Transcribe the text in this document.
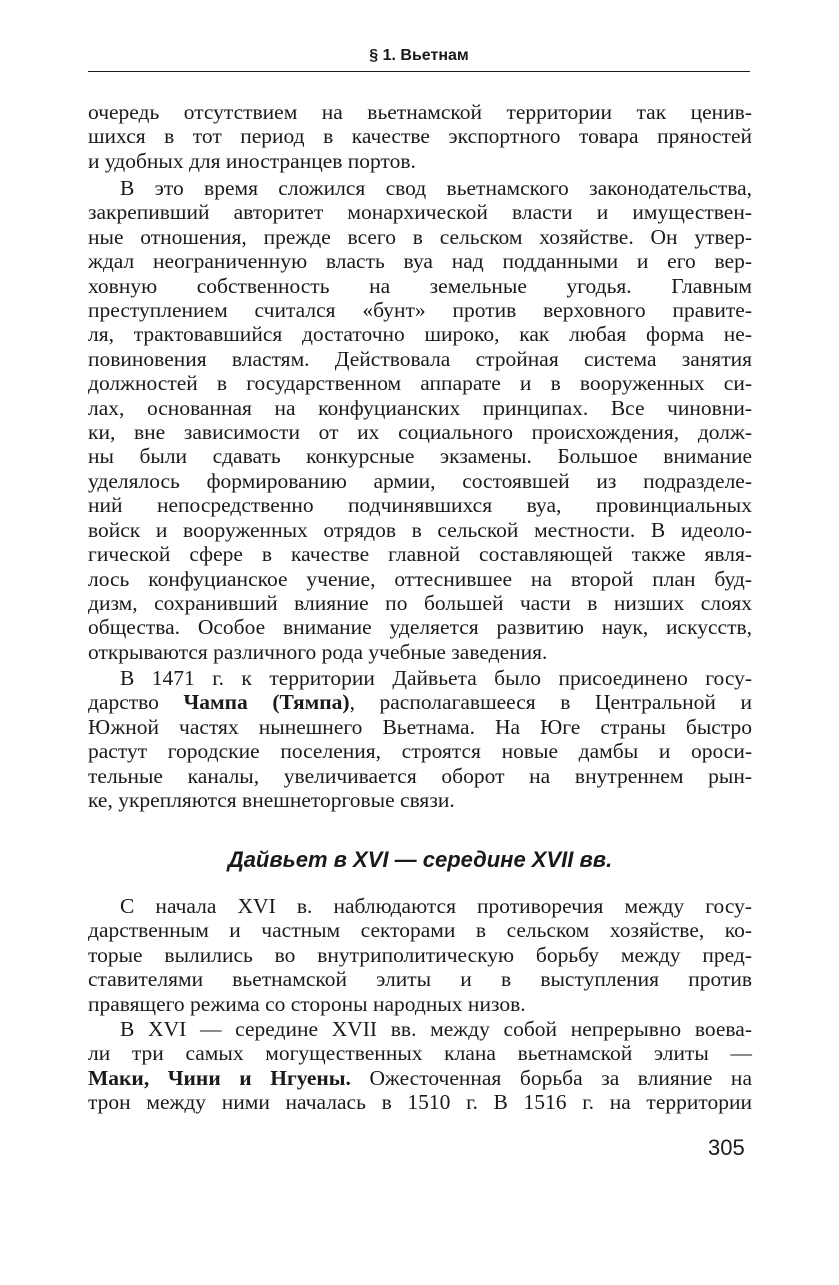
§ 1. Вьетнам
очередь отсутствием на вьетнамской территории так ценив-
шихся в тот период в качестве экспортного товара пряностей
и удобных для иностранцев портов.
В это время сложился свод вьетнамского законодательства,
закрепивший авторитет монархической власти и имуществен-
ные отношения, прежде всего в сельском хозяйстве. Он утвер-
ждал неограниченную власть вуа над подданными и его вер-
ховную собственность на земельные угодья. Главным
преступлением считался «бунт» против верховного правите-
ля, трактовавшийся достаточно широко, как любая форма не-
повиновения властям. Действовала стройная система занятия
должностей в государственном аппарате и в вооруженных си-
лах, основанная на конфуцианских принципах. Все чиновни-
ки, вне зависимости от их социального происхождения, долж-
ны были сдавать конкурсные экзамены. Большое внимание
уделялось формированию армии, состоявшей из подразделе-
ний непосредственно подчинявшихся вуа, провинциальных
войск и вооруженных отрядов в сельской местности. В идеоло-
гической сфере в качестве главной составляющей также явля-
лось конфуцианское учение, оттеснившее на второй план буд-
дизм, сохранивший влияние по большей части в низших слоях
общества. Особое внимание уделяется развитию наук, искусств,
открываются различного рода учебные заведения.
В 1471 г. к территории Дайвьета было присоединено госу-
дарство Чампа (Тямпа), располагавшееся в Центральной и
Южной частях нынешнего Вьетнама. На Юге страны быстро
растут городские поселения, строятся новые дамбы и ороси-
тельные каналы, увеличивается оборот на внутреннем рын-
ке, укрепляются внешнеторговые связи.
Дайвьет в XVI — середине XVII вв.
С начала XVI в. наблюдаются противоречия между госу-
дарственным и частным секторами в сельском хозяйстве, ко-
торые вылились во внутриполитическую борьбу между пред-
ставителями вьетнамской элиты и в выступления против
правящего режима со стороны народных низов.
В XVI — середине XVII вв. между собой непрерывно воева-
ли три самых могущественных клана вьетнамской элиты —
Маки, Чини и Нгуены. Ожесточенная борьба за влияние на
трон между ними началась в 1510 г. В 1516 г. на территории
305
